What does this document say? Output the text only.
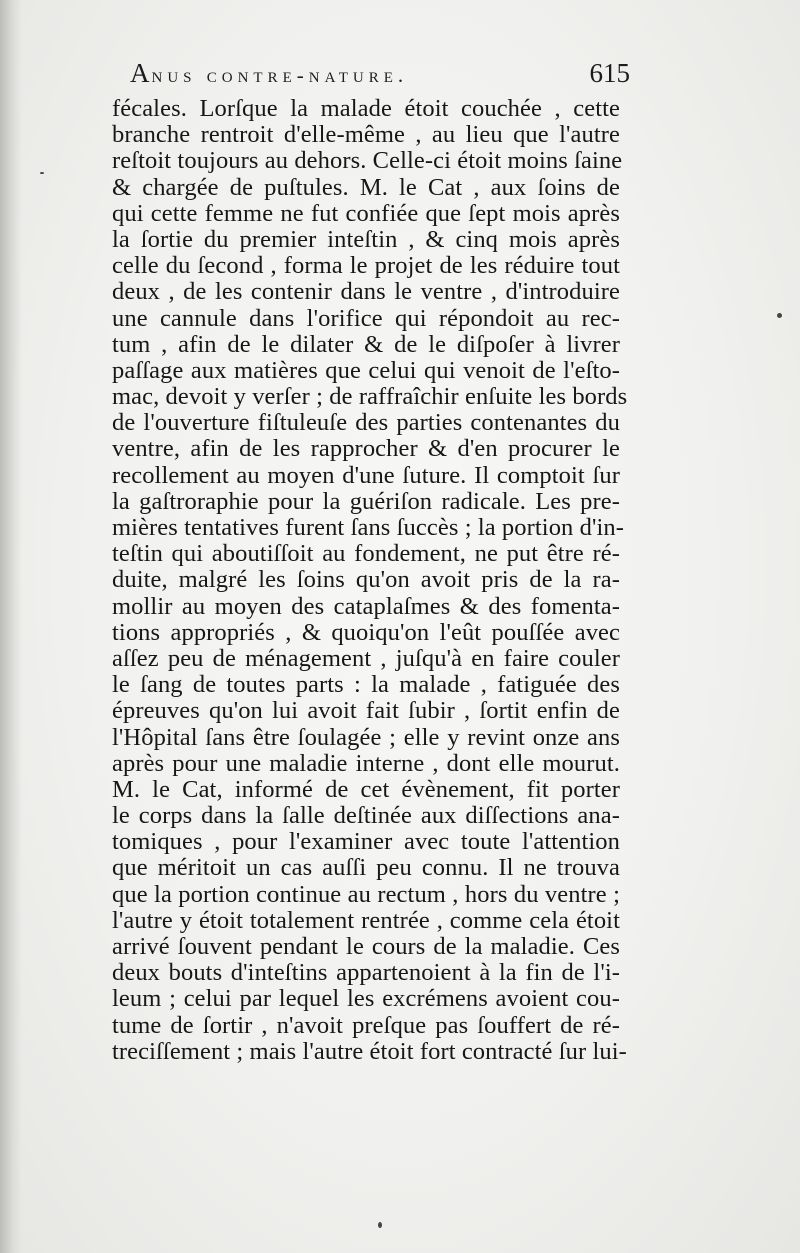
Anus contre-nature.	615
fécales. Lorſque la malade étoit couchée , cette
branche rentroit d'elle-même , au lieu que l'autre
reſtoit toujours au dehors. Celle-ci étoit moins ſaine
& chargée de puſtules. M. le Cat , aux ſoins de
qui cette femme ne fut confiée que ſept mois après
la ſortie du premier inteſtin , & cinq mois après
celle du ſecond , forma le projet de les réduire tout
deux , de les contenir dans le ventre , d'introduire
une cannule dans l'orifice qui répondoit au rec-
tum , afin de le dilater & de le diſpoſer à livrer
paſſage aux matières que celui qui venoit de l'eſto-
mac, devoit y verſer ; de raffraîchir enſuite les bords
de l'ouverture fiſtuleuſe des parties contenantes du
ventre, afin de les rapprocher & d'en procurer le
recollement au moyen d'une ſuture. Il comptoit ſur
la gaſtroraphie pour la guériſon radicale. Les pre-
mières tentatives furent ſans ſuccès ; la portion d'in-
teſtin qui aboutiſſoit au fondement, ne put être ré-
duite, malgré les ſoins qu'on avoit pris de la ra-
mollir au moyen des cataplaſmes & des fomenta-
tions appropriés , & quoiqu'on l'eût pouſſée avec
aſſez peu de ménagement , juſqu'à en faire couler
le ſang de toutes parts : la malade , fatiguée des
épreuves qu'on lui avoit fait ſubir , ſortit enfin de
l'Hôpital ſans être ſoulagée ; elle y revint onze ans
après pour une maladie interne , dont elle mourut.
M. le Cat, informé de cet évènement, fit porter
le corps dans la ſalle deſtinée aux diſſections ana-
tomiques , pour l'examiner avec toute l'attention
que méritoit un cas auſſi peu connu. Il ne trouva
que la portion continue au rectum , hors du ventre ;
l'autre y étoit totalement rentrée , comme cela étoit
arrivé ſouvent pendant le cours de la maladie. Ces
deux bouts d'inteſtins appartenoient à la fin de l'i-
leum ; celui par lequel les excrémens avoient cou-
tume de ſortir , n'avoit preſque pas ſouffert de ré-
treciſſement ; mais l'autre étoit fort contracté ſur lui-
